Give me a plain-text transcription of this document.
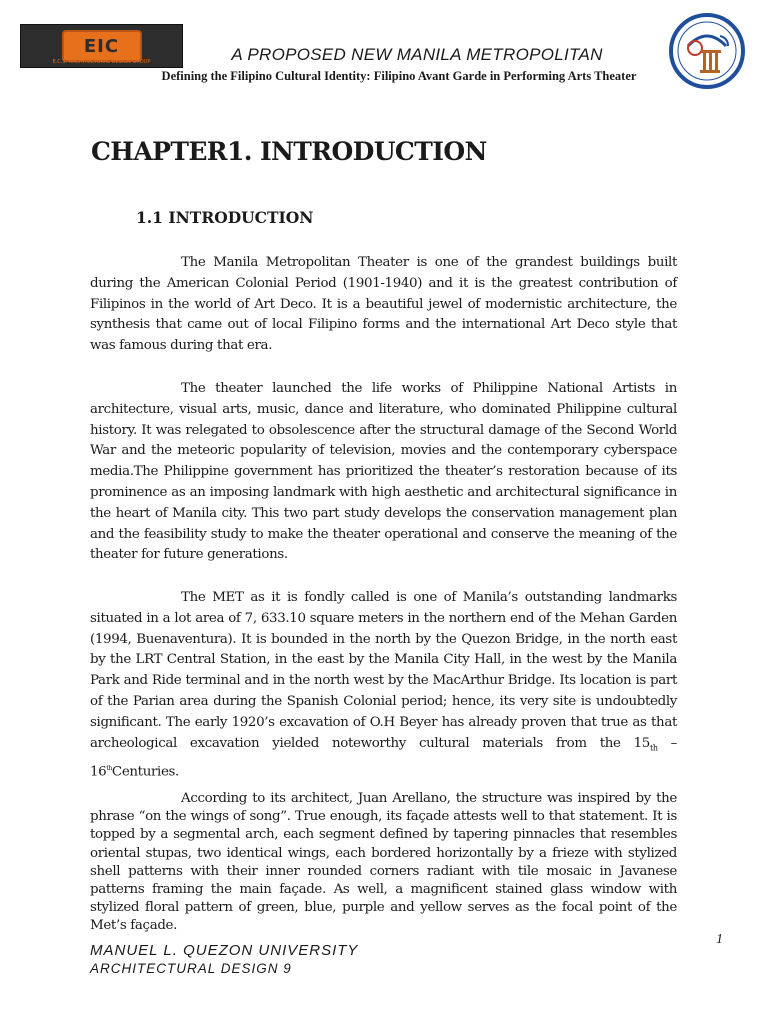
EIC
E.C.S. ARCHITECTURAL DESIGN GROUP	A PROPOSED NEW MANILA METROPOLITAN

Defining the Filipino Cultural Identity: Filipino Avant Garde in Performing Arts Theater

CHAPTER1. INTRODUCTION
1.1 INTRODUCTION

The Manila Metropolitan Theater is one of the grandest buildings built during the American Colonial Period (1901-1940) and it is the greatest contribution of Filipinos in the world of Art Deco. It is a beautiful jewel of modernistic architecture, the synthesis that came out of local Filipino forms and the international Art Deco style that was famous during that era.

The theater launched the life works of Philippine National Artists in architecture, visual arts, music, dance and literature, who dominated Philippine cultural history. It was relegated to obsolescence after the structural damage of the Second World War and the meteoric popularity of television, movies and the contemporary cyberspace media.The Philippine government has prioritized the theater’s restoration because of its prominence as an imposing landmark with high aesthetic and architectural significance in the heart of Manila city. This two part study develops the conservation management plan and the feasibility study to make the theater operational and conserve the meaning of the theater for future generations.

The MET as it is fondly called is one of Manila’s outstanding landmarks situated in a lot area of 7, 633.10 square meters in the northern end of the Mehan Garden (1994, Buenaventura). It is bounded in the north by the Quezon Bridge, in the north east by the LRT Central Station, in the east by the Manila City Hall, in the west by the Manila Park and Ride terminal and in the north west by the MacArthur Bridge. Its location is part of the Parian area during the Spanish Colonial period; hence, its very site is undoubtedly significant. The early 1920’s excavation of O.H Beyer has already proven that true as that archeological excavation yielded noteworthy cultural materials from the $15_{th}$ – 16thCenturies.

According to its architect, Juan Arellano, the structure was inspired by the phrase “on the wings of song”. True enough, its façade attests well to that statement. It is topped by a segmental arch, each segment defined by tapering pinnacles that resembles oriental stupas, two identical wings, each bordered horizontally by a frieze with stylized shell patterns with their inner rounded corners radiant with tile mosaic in Javanese patterns framing the main façade. As well, a magnificent stained glass window with stylized floral pattern of green, blue, purple and yellow serves as the focal point of the Met’s façade.

MANUEL L. QUEZON UNIVERSITY

ARCHITECTURAL DESIGN 9

1
